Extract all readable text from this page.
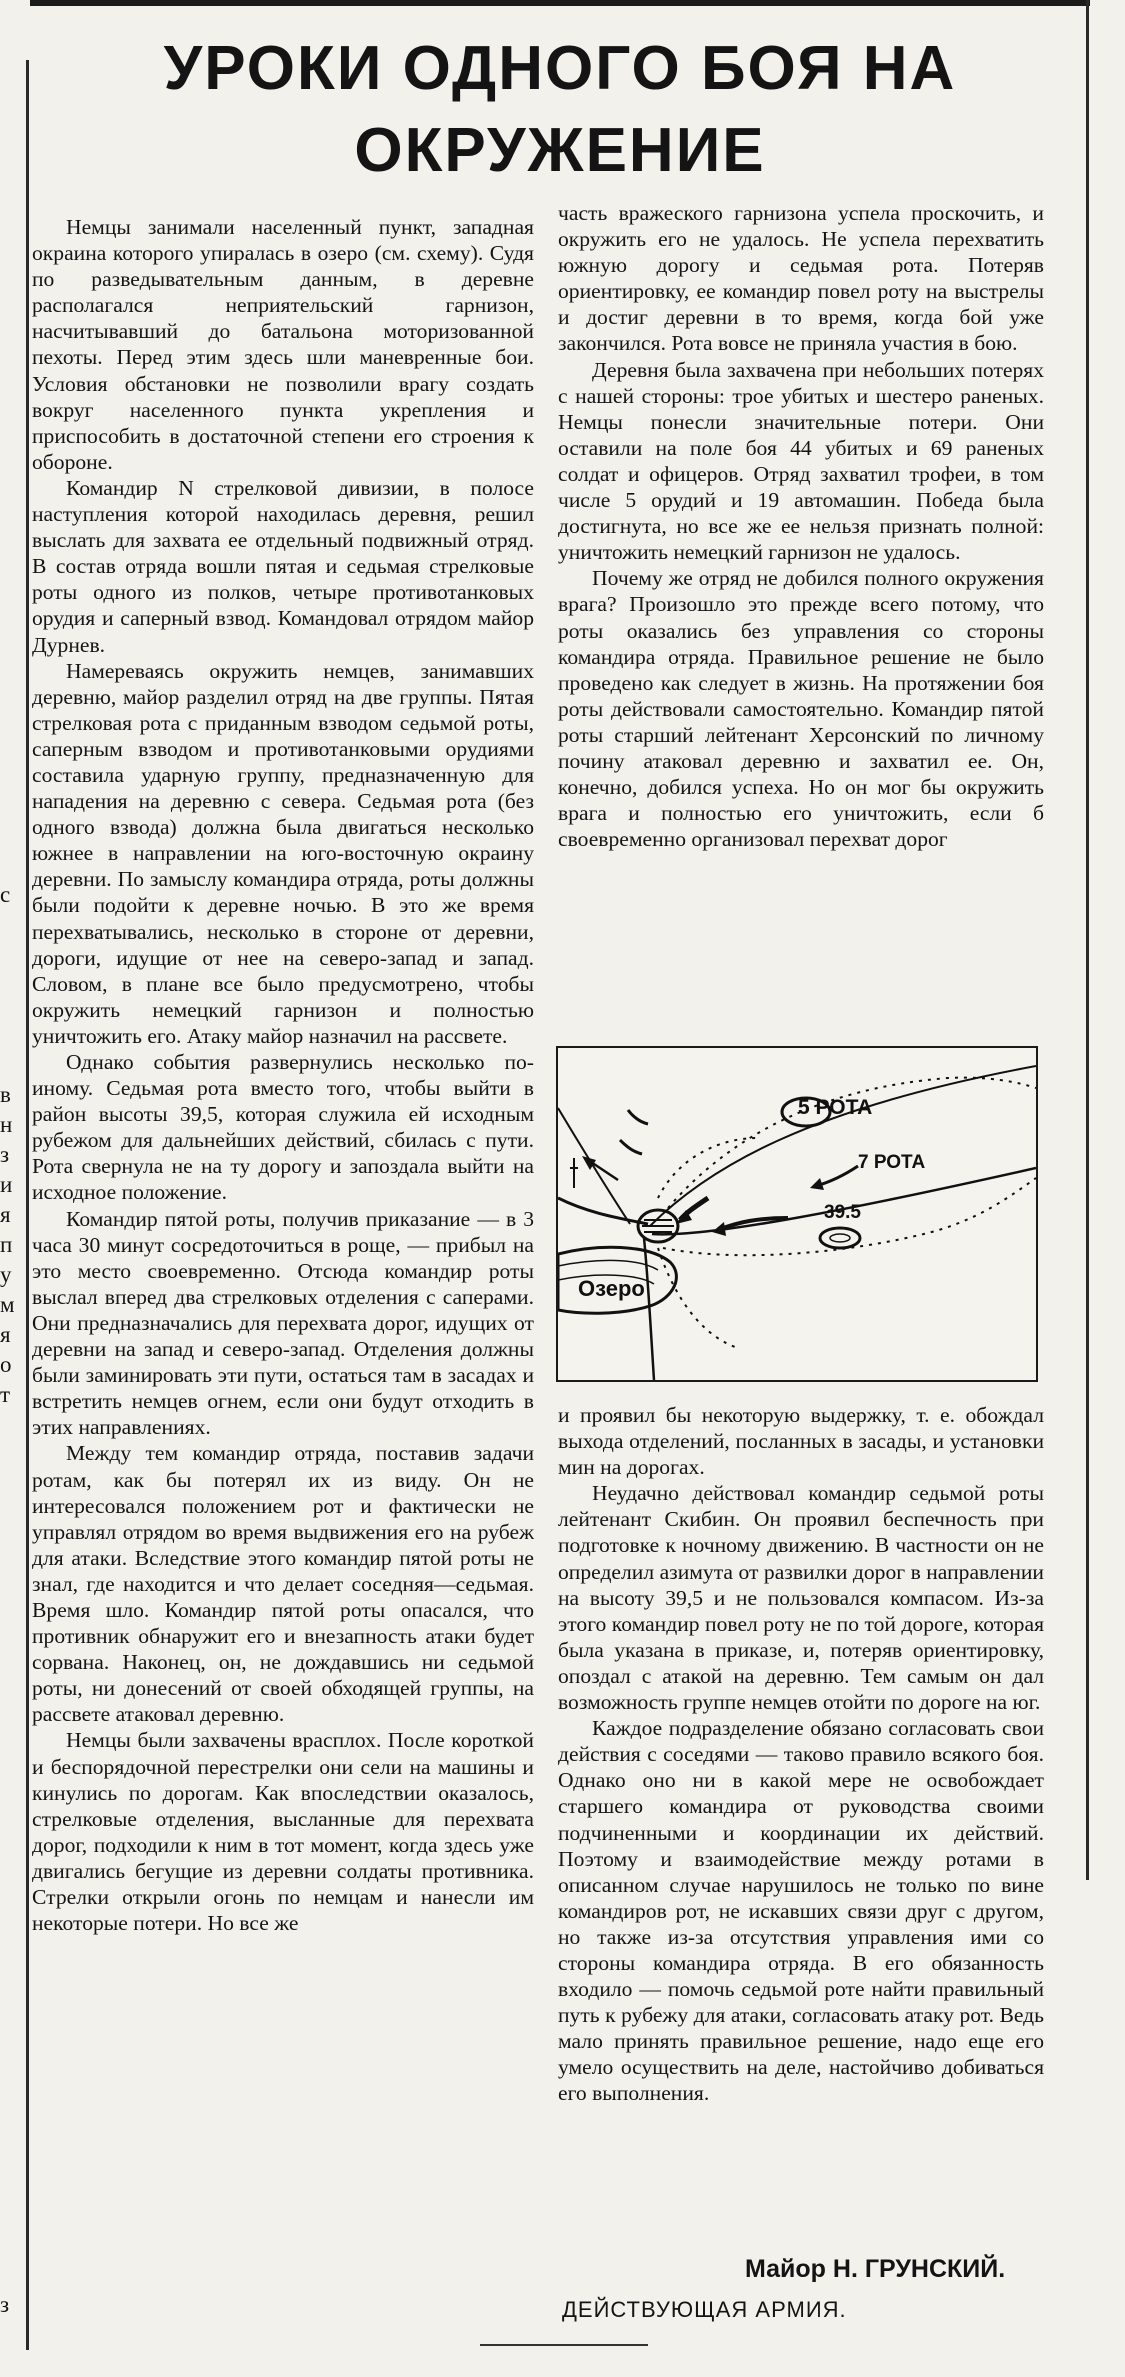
с
в
н
з
и
я
п
у
м
я
о
т
з
УРОКИ ОДНОГО БОЯ НА ОКРУЖЕНИЕ

Немцы занимали населенный пункт, западная окраина которого упиралась в озеро (см. схему). Судя по разведывательным данным, в деревне располагался неприятельский гарнизон, насчитывавший до батальона моторизованной пехоты. Перед этим здесь шли маневренные бои. Условия обстановки не позволили врагу создать вокруг населенного пункта укрепления и приспособить в достаточной степени его строения к обороне.

Командир N стрелковой дивизии, в полосе наступления которой находилась деревня, решил выслать для захвата ее отдельный подвижный отряд. В состав отряда вошли пятая и седьмая стрелковые роты одного из полков, четыре противотанковых орудия и саперный взвод. Командовал отрядом майор Дурнев.

Намереваясь окружить немцев, занимавших деревню, майор разделил отряд на две группы. Пятая стрелковая рота с приданным взводом седьмой роты, саперным взводом и противотанковыми орудиями составила ударную группу, предназначенную для нападения на деревню с севера. Седьмая рота (без одного взвода) должна была двигаться несколько южнее в направлении на юго-восточную окраину деревни. По замыслу командира отряда, роты должны были подойти к деревне ночью. В это же время перехватывались, несколько в стороне от деревни, дороги, идущие от нее на северо-запад и запад. Словом, в плане все было предусмотрено, чтобы окружить немецкий гарнизон и полностью уничтожить его. Атаку майор назначил на рассвете.

Однако события развернулись несколько по-иному. Седьмая рота вместо того, чтобы выйти в район высоты 39,5, которая служила ей исходным рубежом для дальнейших действий, сбилась с пути. Рота свернула не на ту дорогу и запоздала выйти на исходное положение.

Командир пятой роты, получив приказание — в 3 часа 30 минут сосредоточиться в роще, — прибыл на это место своевременно. Отсюда командир роты выслал вперед два стрелковых отделения с саперами. Они предназначались для перехвата дорог, идущих от деревни на запад и северо-запад. Отделения должны были заминировать эти пути, остаться там в засадах и встретить немцев огнем, если они будут отходить в этих направлениях.

Между тем командир отряда, поставив задачи ротам, как бы потерял их из виду. Он не интересовался положением рот и фактически не управлял отрядом во время выдвижения его на рубеж для атаки. Вследствие этого командир пятой роты не знал, где находится и что делает соседняя—седьмая. Время шло. Командир пятой роты опасался, что противник обнаружит его и внезапность атаки будет сорвана. Наконец, он, не дождавшись ни седьмой роты, ни донесений от своей обходящей группы, на рассвете атаковал деревню.

Немцы были захвачены врасплох. После короткой и беспорядочной перестрелки они сели на машины и кинулись по дорогам. Как впоследствии оказалось, стрелковые отделения, высланные для перехвата дорог, подходили к ним в тот момент, когда здесь уже двигались бегущие из деревни солдаты противника. Стрелки открыли огонь по немцам и нанесли им некоторые потери. Но все же

часть вражеского гарнизона успела проскочить, и окружить его не удалось. Не успела перехватить южную дорогу и седьмая рота. Потеряв ориентировку, ее командир повел роту на выстрелы и достиг деревни в то время, когда бой уже закончился. Рота вовсе не приняла участия в бою.

Деревня была захвачена при небольших потерях с нашей стороны: трое убитых и шестеро раненых. Немцы понесли значительные потери. Они оставили на поле боя 44 убитых и 69 раненых солдат и офицеров. Отряд захватил трофеи, в том числе 5 орудий и 19 автомашин. Победа была достигнута, но все же ее нельзя признать полной: уничтожить немецкий гарнизон не удалось.

Почему же отряд не добился полного окружения врага? Произошло это прежде всего потому, что роты оказались без управления со стороны командира отряда. Правильное решение не было проведено как следует в жизнь. На протяжении боя роты действовали самостоятельно. Командир пятой роты старший лейтенант Херсонский по личному почину атаковал деревню и захватил ее. Он, конечно, добился успеха. Но он мог бы окружить врага и полностью его уничтожить, если б своевременно организовал перехват дорог

Озеро
5 РОТА
7 РОТА
39.5

и проявил бы некоторую выдержку, т. е. обождал выхода отделений, посланных в засады, и установки мин на дорогах.

Неудачно действовал командир седьмой роты лейтенант Скибин. Он проявил беспечность при подготовке к ночному движению. В частности он не определил азимута от развилки дорог в направлении на высоту 39,5 и не пользовался компасом. Из-за этого командир повел роту не по той дороге, которая была указана в приказе, и, потеряв ориентировку, опоздал с атакой на деревню. Тем самым он дал возможность группе немцев отойти по дороге на юг.

Каждое подразделение обязано согласовать свои действия с соседями — таково правило всякого боя. Однако оно ни в какой мере не освобождает старшего командира от руководства своими подчиненными и координации их действий. Поэтому и взаимодействие между ротами в описанном случае нарушилось не только по вине командиров рот, не искавших связи друг с другом, но также из-за отсутствия управления ими со стороны командира отряда. В его обязанность входило — помочь седьмой роте найти правильный путь к рубежу для атаки, согласовать атаку рот. Ведь мало принять правильное решение, надо еще его умело осуществить на деле, настойчиво добиваться его выполнения.

Майор Н. ГРУНСКИЙ.
ДЕЙСТВУЮЩАЯ АРМИЯ.
